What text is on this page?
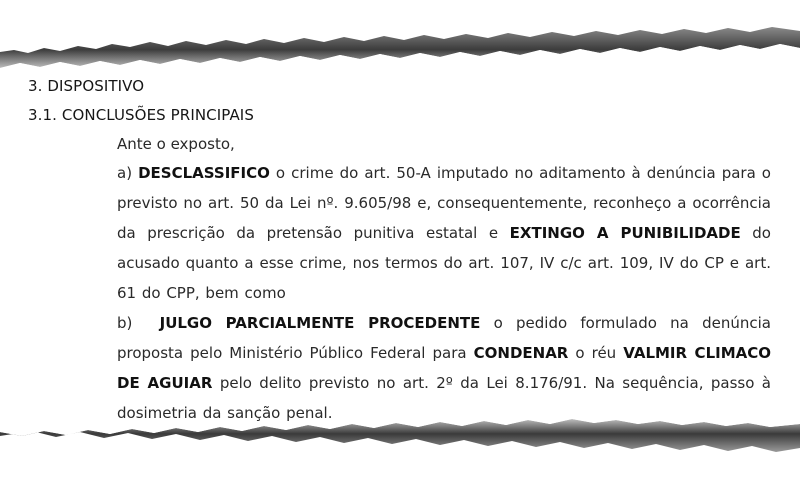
3. DISPOSITIVO
3.1. CONCLUSÕES PRINCIPAIS
Ante o exposto,

a) DESCLASSIFICO o crime do art. 50-A imputado no aditamento à denúncia para o previsto no art. 50 da Lei nº. 9.605/98 e, consequentemente, reconheço a ocorrência da prescrição da pretensão punitiva estatal e EXTINGO A PUNIBILIDADE do acusado quanto a esse crime, nos termos do art. 107, IV c/c art. 109, IV do CP e art. 61 do CPP, bem como

b) JULGO PARCIALMENTE PROCEDENTE o pedido formulado na denúncia proposta pelo Ministério Público Federal para CONDENAR o réu VALMIR CLIMACO DE AGUIAR pelo delito previsto no art. 2º da Lei 8.176/91. Na sequência, passo à dosimetria da sanção penal.
